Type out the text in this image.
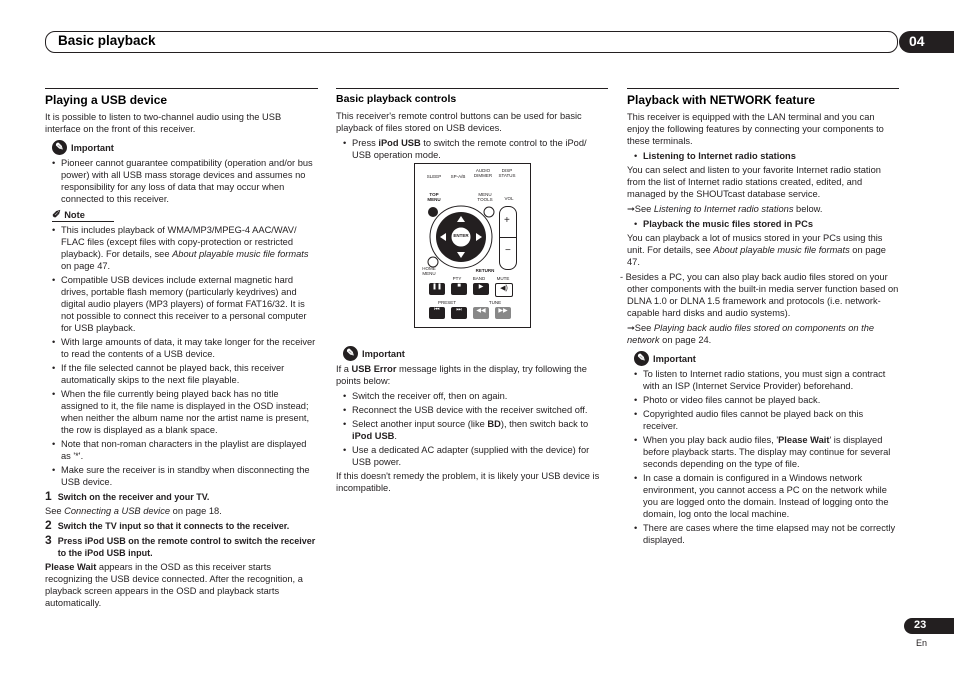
Basic playback	04
Playing a USB device

It is possible to listen to two-channel audio using the USB interface on the front of this receiver.

✎ Important
• Pioneer cannot guarantee compatibility (operation and/or bus power) with all USB mass storage devices and assumes no responsibility for any loss of data that may occur when connected to this receiver.
✐ Note
• This includes playback of WMA/MP3/MPEG-4 AAC/WAV/ FLAC files (except files with copy-protection or restricted playback). For details, see About playable music file formats on page 47.
• Compatible USB devices include external magnetic hard drives, portable flash memory (particularly keydrives) and digital audio players (MP3 players) of format FAT16/32. It is not possible to connect this receiver to a personal computer for USB playback.
• With large amounts of data, it may take longer for the receiver to read the contents of a USB device.
• If the file selected cannot be played back, this receiver automatically skips to the next file playable.
• When the file currently being played back has no title assigned to it, the file name is displayed in the OSD instead; when neither the album name nor the artist name is present, the row is displayed as a blank space.
• Note that non-roman characters in the playlist are displayed as '*'.
• Make sure the receiver is in standby when disconnecting the USB device.
1 Switch on the receiver and your TV.

See Connecting a USB device on page 18.

2 Switch the TV input so that it connects to the receiver.
3 Press iPod USB on the remote control to switch the receiver to the iPod USB input.

Please Wait appears in the OSD as this receiver starts recognizing the USB device connected. After the recognition, a playback screen appears in the OSD and playback starts automatically.

Basic playback controls

This receiver's remote control buttons can be used for basic playback of files stored on USB devices.

• Press iPod USB to switch the remote control to the iPod/ USB operation mode.
✎ Important

If a USB Error message lights in the display, try following the points below:

• Switch the receiver off, then on again.
• Reconnect the USB device with the receiver switched off.
• Select another input source (like BD), then switch back to iPod USB.
• Use a dedicated AC adapter (supplied with the device) for USB power.

If this doesn't remedy the problem, it is likely your USB device is incompatible.

SLEEP	SP-A/B
AUDIO DIMMER
DISP STATUS
TOP MENU
MENU TOOLS	VOL
ENTER
HOME MENU
RETURN
+
−
PTY	BAND	MUTE
❚❚	■	▶	◀)
PRESET	TUNE
⏮	⏭	◀◀	▶▶
Playback with NETWORK feature

This receiver is equipped with the LAN terminal and you can enjoy the following features by connecting your components to these terminals.

• Listening to Internet radio stations

You can select and listen to your favorite Internet radio station from the list of Internet radio stations created, edited, and managed by the SHOUTcast database service.

➞See Listening to Internet radio stations below.

• Playback the music files stored in PCs

You can playback a lot of musics stored in your PCs using this unit. For details, see About playable music file formats on page 47.

- Besides a PC, you can also play back audio files stored on your other components with the built-in media server function based on DLNA 1.0 or DLNA 1.5 framework and protocols (i.e. network-capable hard disks and audio systems).

➞See Playing back audio files stored on components on the network on page 24.

✎ Important
• To listen to Internet radio stations, you must sign a contract with an ISP (Internet Service Provider) beforehand.
• Photo or video files cannot be played back.
• Copyrighted audio files cannot be played back on this receiver.
• When you play back audio files, 'Please Wait' is displayed before playback starts. The display may continue for several seconds depending on the type of file.
• In case a domain is configured in a Windows network environment, you cannot access a PC on the network while you are logged onto the domain. Instead of logging onto the domain, log onto the local machine.
• There are cases where the time elapsed may not be correctly displayed.
23
En
